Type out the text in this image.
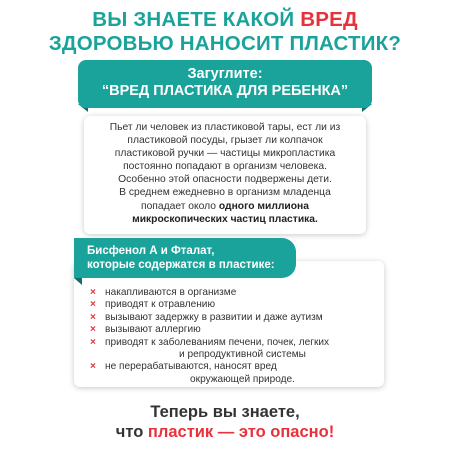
ВЫ ЗНАЕТЕ КАКОЙ ВРЕД
ЗДОРОВЬЮ НАНОСИТ ПЛАСТИК?
Загуглите:
“ВРЕД ПЛАСТИКА ДЛЯ РЕБЕНКА”
Пьет ли человек из пластиковой тары, ест ли из
пластиковой посуды, грызет ли колпачок
пластиковой ручки — частицы микропластика
постоянно попадают в организм человека.
Особенно этой опасности подвержены дети.
В среднем ежедневно в организм младенца
попадает около одного миллиона
микроскопических частиц пластика.
Бисфенол А и Фталат,
которые содержатся в пластике:
× накапливаются в организме
× приводят к отравлению
× вызывают задержку в развитии и даже аутизм
× вызывают аллергию
× приводят к заболеваниям печени, почек, легких
и репродуктивной системы
× не перерабатываются, наносят вред
окружающей природе.
Теперь вы знаете,
что пластик — это опасно!
